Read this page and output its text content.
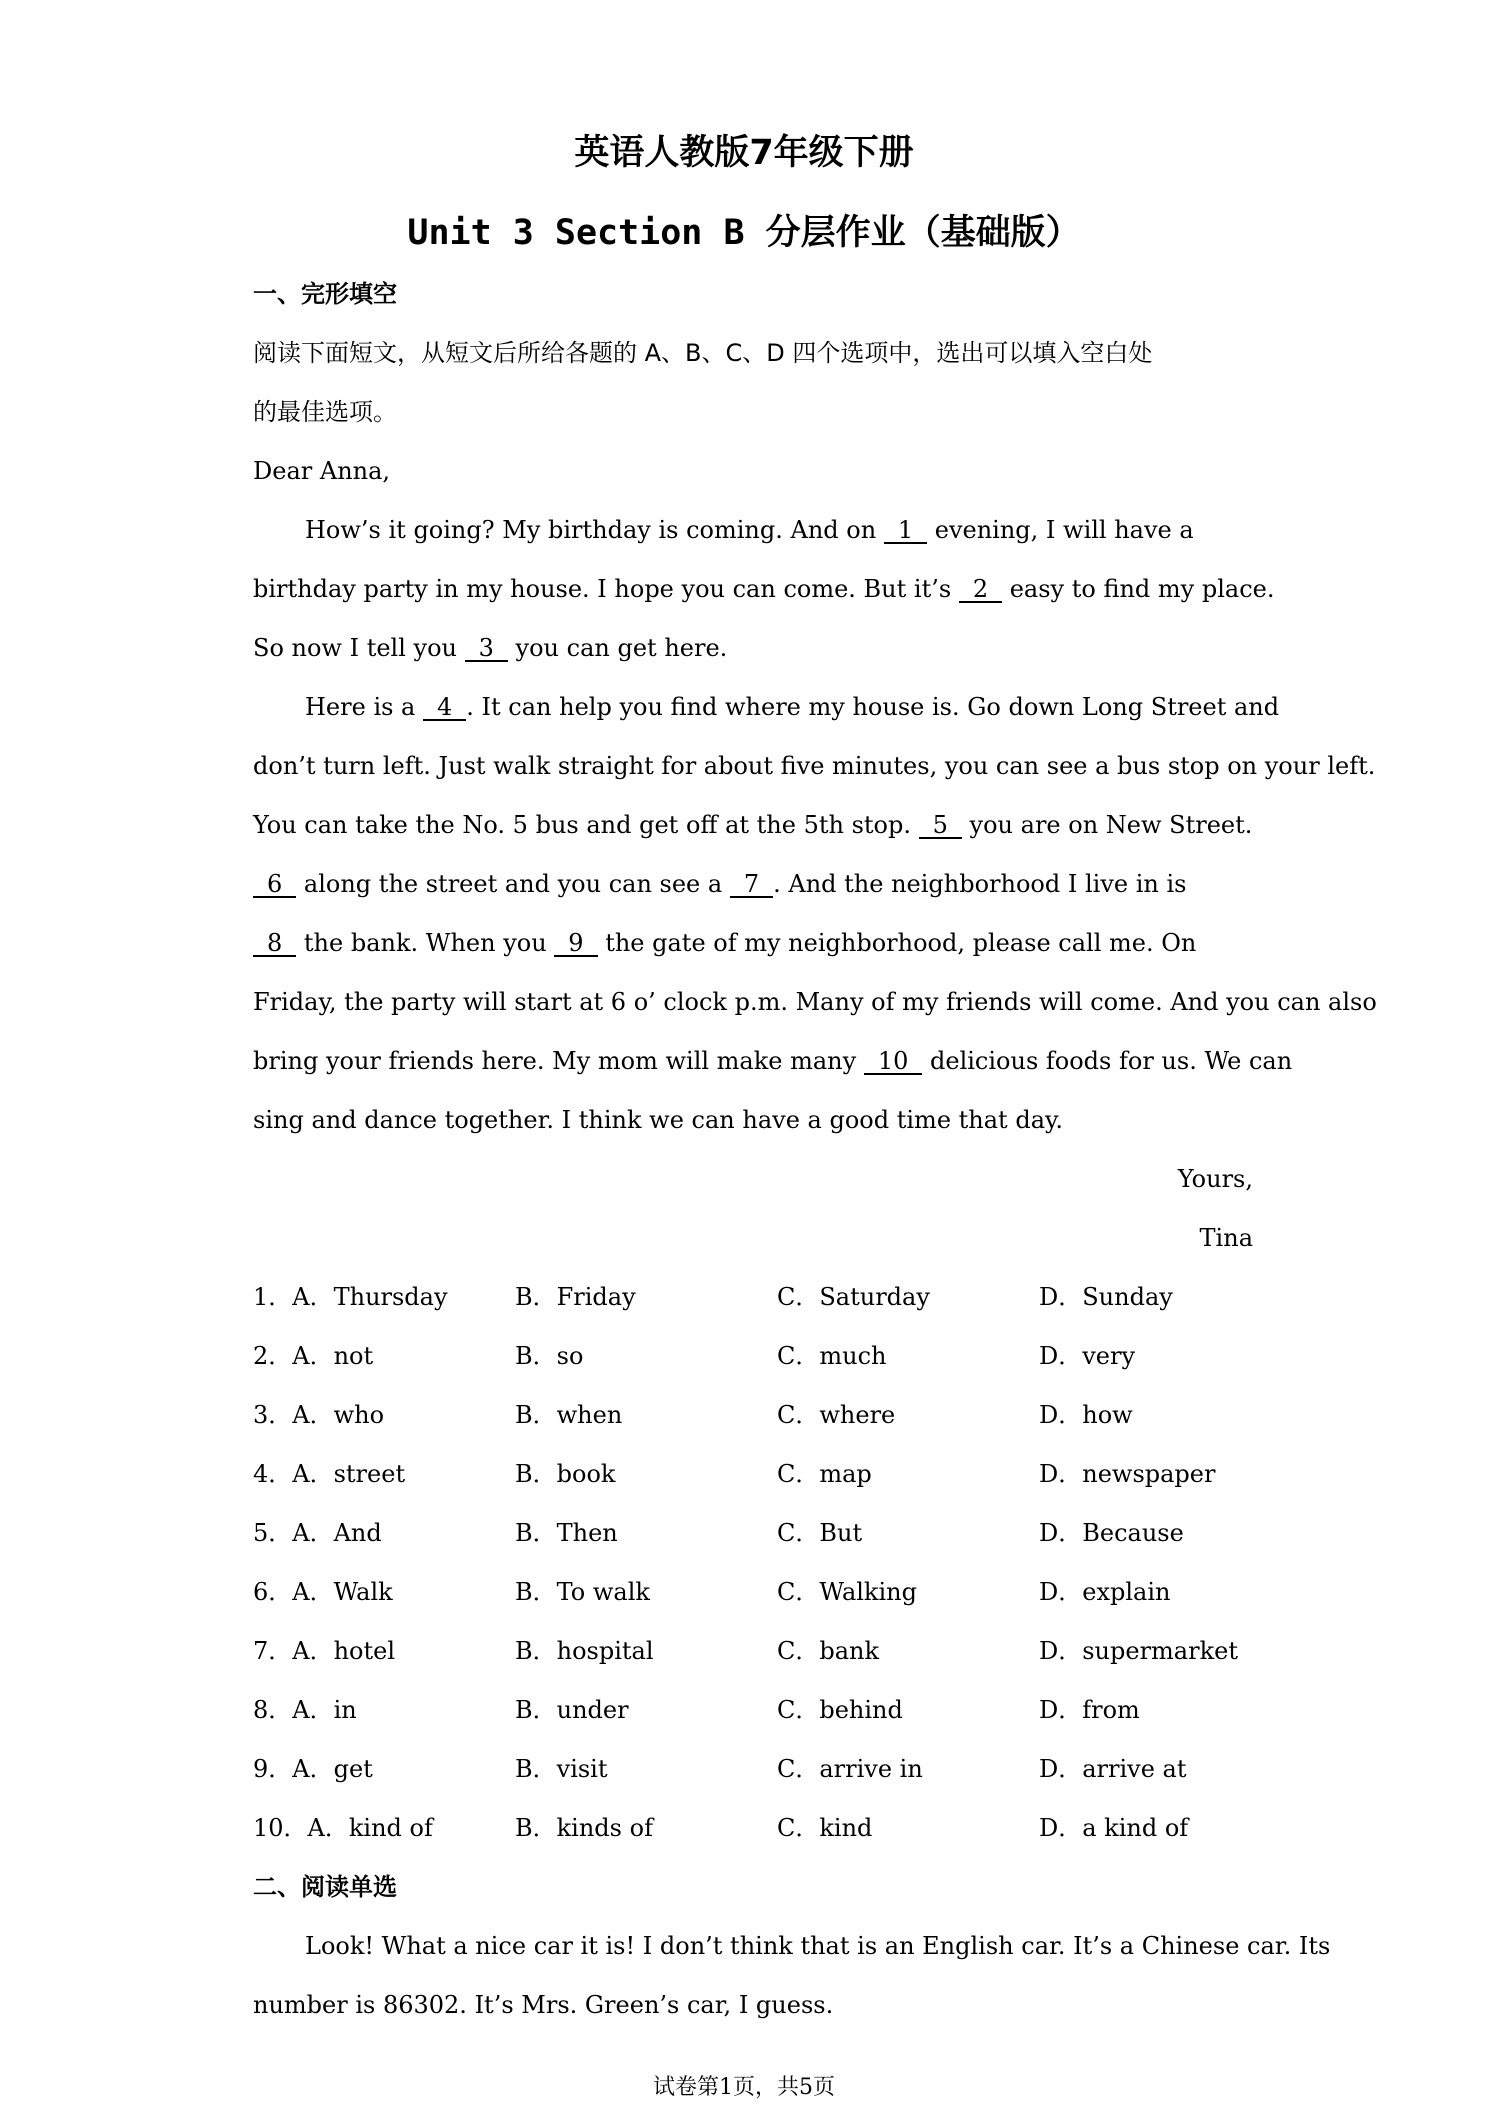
英语人教版7年级下册
Unit 3 Section B 分层作业（基础版）
一、完形填空
阅读下面短文，从短文后所给各题的 A、B、C、D 四个选项中，选出可以填入空白处
的最佳选项。
Dear Anna,
How’s it going? My birthday is coming. And on 1 evening, I will have a
birthday party in my house. I hope you can come. But it’s 2 easy to find my place.
So now I tell you 3 you can get here.
Here is a 4 . It can help you find where my house is. Go down Long Street and
don’t turn left. Just walk straight for about five minutes, you can see a bus stop on your left.
You can take the No. 5 bus and get off at the 5th stop. 5 you are on New Street.
6 along the street and you can see a 7 . And the neighborhood I live in is
8 the bank. When you 9 the gate of my neighborhood, please call me. On
Friday, the party will start at 6 o’ clock p.m. Many of my friends will come. And you can also
bring your friends here. My mom will make many 10 delicious foods for us. We can
sing and dance together. I think we can have a good time that day.
Yours,
Tina
1．A．Thursday	B．Friday	C．Saturday	D．Sunday
2．A．not	B．so	C．much	D．very
3．A．who	B．when	C．where	D．how
4．A．street	B．book	C．map	D．newspaper
5．A．And	B．Then	C．But	D．Because
6．A．Walk	B．To walk	C．Walking	D．explain
7．A．hotel	B．hospital	C．bank	D．supermarket
8．A．in	B．under	C．behind	D．from
9．A．get	B．visit	C．arrive in	D．arrive at
10．A．kind of	B．kinds of	C．kind	D．a kind of
二、阅读单选
Look! What a nice car it is! I don’t think that is an English car. It’s a Chinese car. Its
number is 86302. It’s Mrs. Green’s car, I guess.
试卷第1页，共5页
